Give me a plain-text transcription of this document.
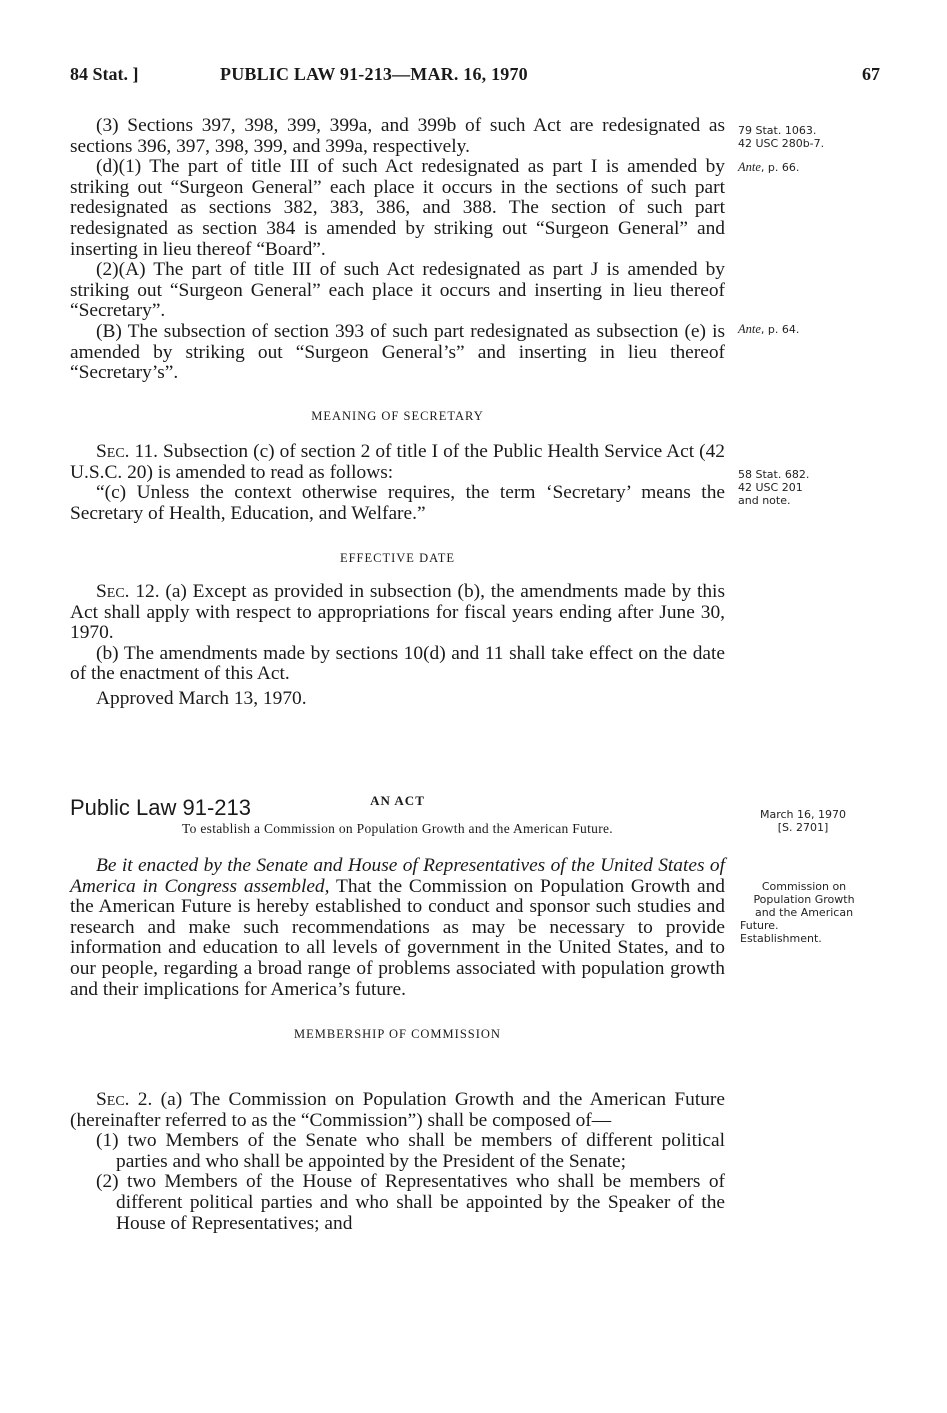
84 Stat. ]	PUBLIC LAW 91-213—MAR. 16, 1970	67

(3) Sections 397, 398, 399, 399a, and 399b of such Act are redesignated as sections 396, 397, 398, 399, and 399a, respectively.

(d)(1) The part of title III of such Act redesignated as part I is amended by striking out “Surgeon General” each place it occurs in the sections of such part redesignated as sections 382, 383, 386, and 388. The section of such part redesignated as section 384 is amended by striking out “Surgeon General” and inserting in lieu thereof “Board”.

(2)(A) The part of title III of such Act redesignated as part J is amended by striking out “Surgeon General” each place it occurs and inserting in lieu thereof “Secretary”.

(B) The subsection of section 393 of such part redesignated as subsection (e) is amended by striking out “Surgeon General’s” and inserting in lieu thereof “Secretary’s”.

MEANING OF SECRETARY

Sec. 11. Subsection (c) of section 2 of title I of the Public Health Service Act (42 U.S.C. 20) is amended to read as follows:

“(c) Unless the context otherwise requires, the term ‘Secretary’ means the Secretary of Health, Education, and Welfare.”

EFFECTIVE DATE

Sec. 12. (a) Except as provided in subsection (b), the amendments made by this Act shall apply with respect to appropriations for fiscal years ending after June 30, 1970.

(b) The amendments made by sections 10(d) and 11 shall take effect on the date of the enactment of this Act.

Approved March 13, 1970.

Public Law 91-213	AN ACT
To establish a Commission on Population Growth and the American Future.

Be it enacted by the Senate and House of Representatives of the United States of America in Congress assembled, That the Commission on Population Growth and the American Future is hereby established to conduct and sponsor such studies and research and make such recommendations as may be necessary to provide information and education to all levels of government in the United States, and to our people, regarding a broad range of problems associated with population growth and their implications for America’s future.

MEMBERSHIP OF COMMISSION

Sec. 2. (a) The Commission on Population Growth and the American Future (hereinafter referred to as the “Commission”) shall be composed of—

(1) two Members of the Senate who shall be members of different political parties and who shall be appointed by the President of the Senate;

(2) two Members of the House of Representatives who shall be members of different political parties and who shall be appointed by the Speaker of the House of Representatives; and

79 Stat. 1063.
42 USC 280b-7.
Ante, p. 66.
Ante, p. 64.
58 Stat. 682.
42 USC 201
and note.
March 16, 1970
[S. 2701]
Commission on
Population Growth
and the American
Future.
Establishment.
